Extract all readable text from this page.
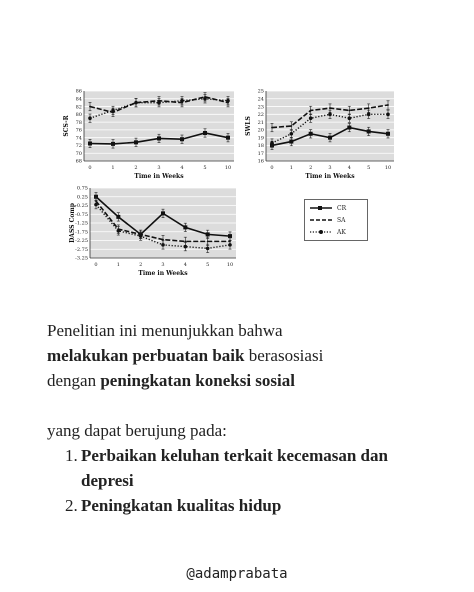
68
70
72
74
76
78
80
82
84
86
0	1	2	3	4	5	10
Time in Weeks
SCS-R
16
17
18
19
20
21
22
23
24
25
0	1	2	3	4	5	10
Time in Weeks
SWLS
0.75
0.25
-0.25
-0.75
-1.25
-1.75
-2.25
-2.75
-3.25
0	1	2	3	4	5	10
Time in Weeks
DASS Comp	CR
SA
AK

Penelitian ini menunjukkan bahwa

melakukan perbuatan baik berasosiasi

dengan peningkatan koneksi sosial

yang dapat berujung pada:

1. Perbaikan keluhan terkait kecemasan dan depresi
2. Peningkatan kualitas hidup
@adamprabata
